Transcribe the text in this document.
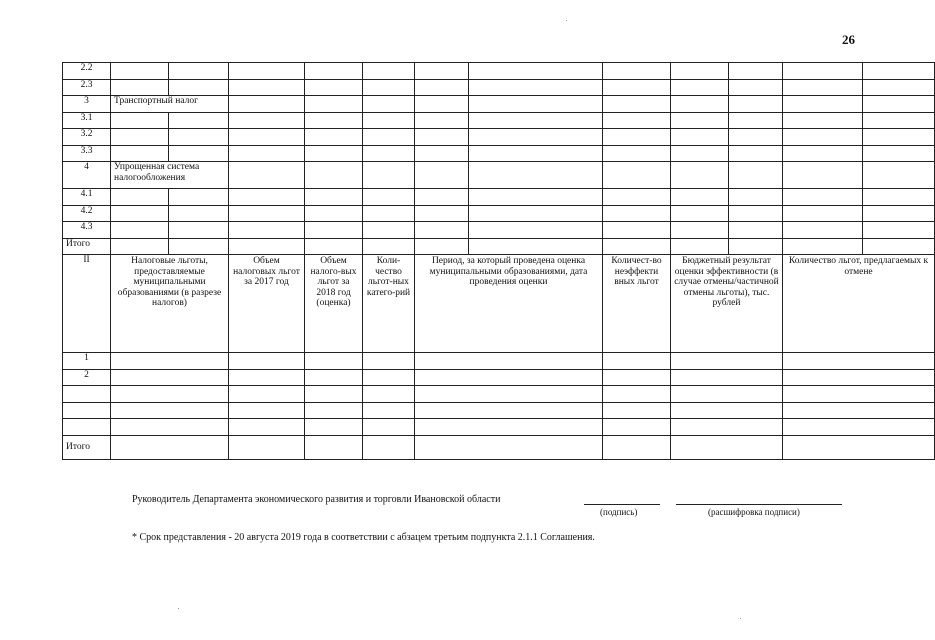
26
2.2												
2.3												
3	Транспортный налог											
3.1												
3.2												
3.3												
4	Упрощенная система налогообложения											
4.1												
4.2												
4.3												
Итого												
II	Налоговые льготы, предоставляемые муниципальными образованиями (в разрезе налогов)		Объем налоговых льгот за 2017 год	Объем налого-вых льгот за 2018 год (оценка)	Коли-чество льгот-ных катего-рий	Период, за который проведена оценка муниципальными образованиями, дата проведения оценки		Количест-во неэффекти вных льгот	Бюджетный результат оценки эффективности (в случае отмены/частичной отмены льготы), тыс. рублей		Количество льгот, предлагаемых к отмене	
1												
2												

Итого												
Руководитель Департамента экономического развития и торговли Ивановской области
(подпись)	(расшифровка подписи)
* Срок представления - 20 августа 2019 года в соответствии с абзацем третьим подпункта 2.1.1 Соглашения.
